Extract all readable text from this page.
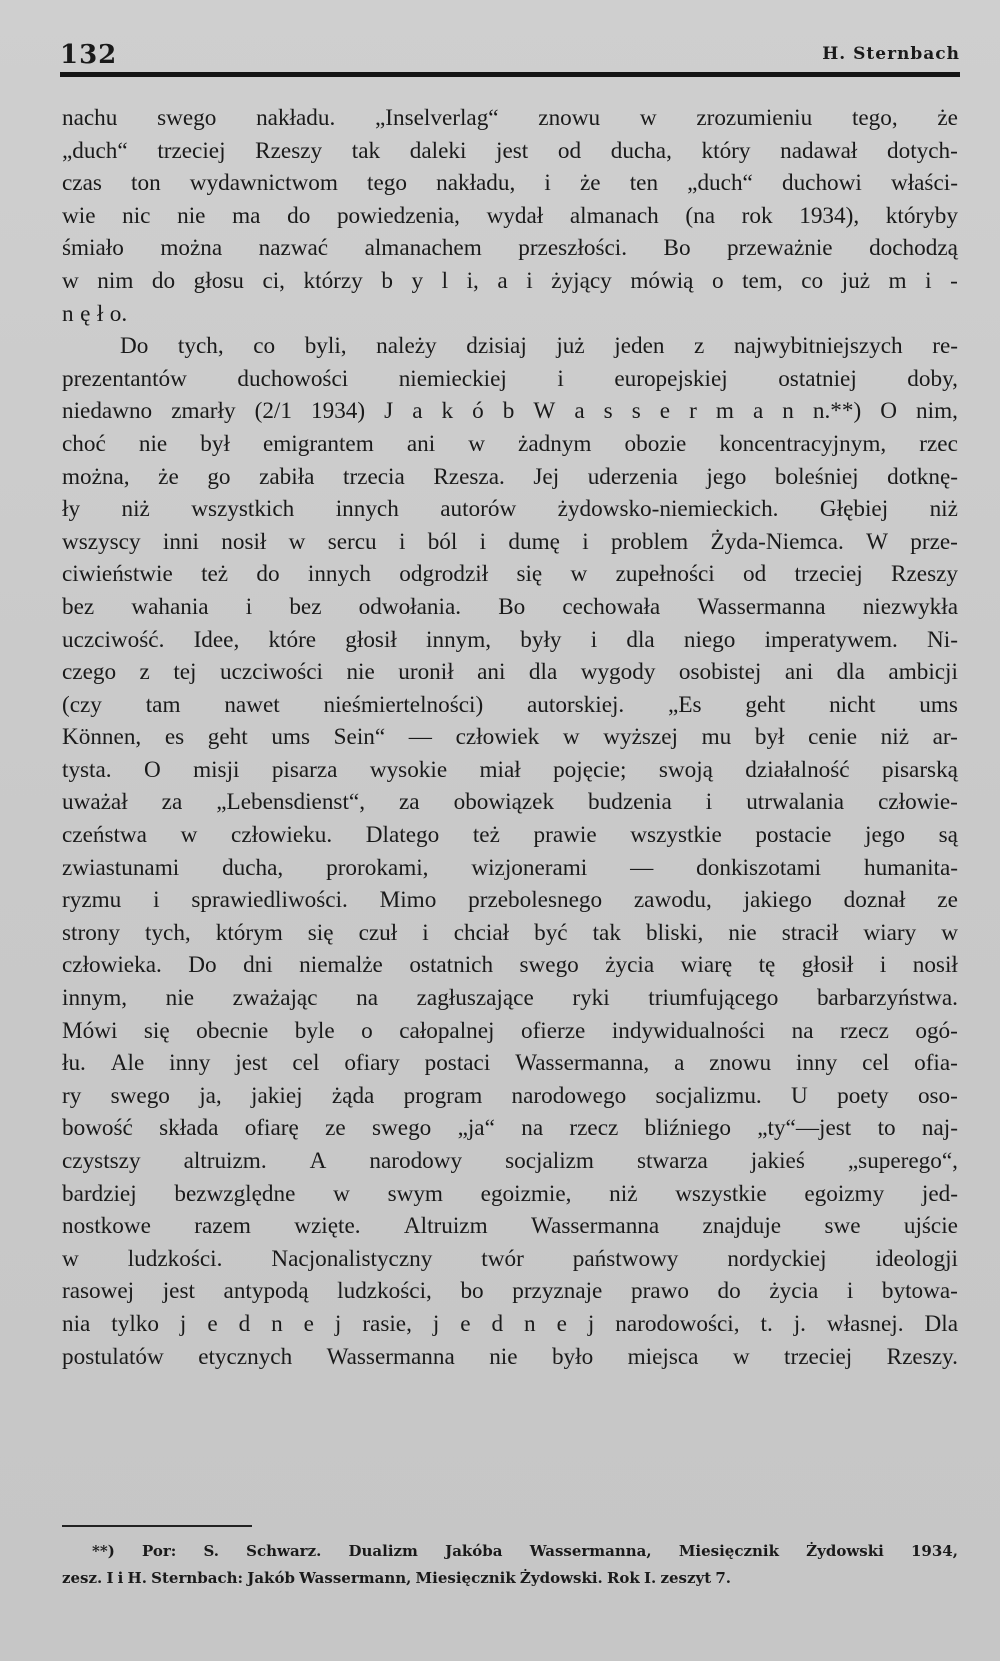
132	H. Sternbach
nachu swego nakładu. „Inselverlag“ znowu w zrozumieniu tego, że
„duch“ trzeciej Rzeszy tak daleki jest od ducha, który nadawał dotych-
czas ton wydawnictwom tego nakładu, i że ten „duch“ duchowi właści-
wie nic nie ma do powiedzenia, wydał almanach (na rok 1934), któryby
śmiało można nazwać almanachem przeszłości. Bo przeważnie dochodzą
w nim do głosu ci, którzy b y l i, a i żyjący mówią o tem, co już m i -
n ę ł o.
Do tych, co byli, należy dzisiaj już jeden z najwybitniejszych re-
prezentantów duchowości niemieckiej i europejskiej ostatniej doby,
niedawno zmarły (2/1 1934) J a k ó b W a s s e r m a n n.**) O nim,
choć nie był emigrantem ani w żadnym obozie koncentracyjnym, rzec
można, że go zabiła trzecia Rzesza. Jej uderzenia jego boleśniej dotknę-
ły niż wszystkich innych autorów żydowsko-niemieckich. Głębiej niż
wszyscy inni nosił w sercu i ból i dumę i problem Żyda-Niemca. W prze-
ciwieństwie też do innych odgrodził się w zupełności od trzeciej Rzeszy
bez wahania i bez odwołania. Bo cechowała Wassermanna niezwykła
uczciwość. Idee, które głosił innym, były i dla niego imperatywem. Ni-
czego z tej uczciwości nie uronił ani dla wygody osobistej ani dla ambicji
(czy tam nawet nieśmiertelności) autorskiej. „Es geht nicht ums
Können, es geht ums Sein“ — człowiek w wyższej mu był cenie niż ar-
tysta. O misji pisarza wysokie miał pojęcie; swoją działalność pisarską
uważał za „Lebensdienst“, za obowiązek budzenia i utrwalania człowie-
czeństwa w człowieku. Dlatego też prawie wszystkie postacie jego są
zwiastunami ducha, prorokami, wizjonerami — donkiszotami humanita-
ryzmu i sprawiedliwości. Mimo przebolesnego zawodu, jakiego doznał ze
strony tych, którym się czuł i chciał być tak bliski, nie stracił wiary w
człowieka. Do dni niemalże ostatnich swego życia wiarę tę głosił i nosił
innym, nie zważając na zagłuszające ryki triumfującego barbarzyństwa.
Mówi się obecnie byle o całopalnej ofierze indywidualności na rzecz ogó-
łu. Ale inny jest cel ofiary postaci Wassermanna, a znowu inny cel ofia-
ry swego ja, jakiej żąda program narodowego socjalizmu. U poety oso-
bowość składa ofiarę ze swego „ja“ na rzecz bliźniego „ty“—jest to naj-
czystszy altruizm. A narodowy socjalizm stwarza jakieś „superego“,
bardziej bezwzględne w swym egoizmie, niż wszystkie egoizmy jed-
nostkowe razem wzięte. Altruizm Wassermanna znajduje swe ujście
w ludzkości. Nacjonalistyczny twór państwowy nordyckiej ideologji
rasowej jest antypodą ludzkości, bo przyznaje prawo do życia i bytowa-
nia tylko j e d n e j rasie, j e d n e j narodowości, t. j. własnej. Dla
postulatów etycznych Wassermanna nie było miejsca w trzeciej Rzeszy.
**) Por: S. Schwarz. Dualizm Jakóba Wassermanna, Miesięcznik Żydowski 1934,
zesz. I i H. Sternbach: Jakób Wassermann, Miesięcznik Żydowski. Rok I. zeszyt 7.
